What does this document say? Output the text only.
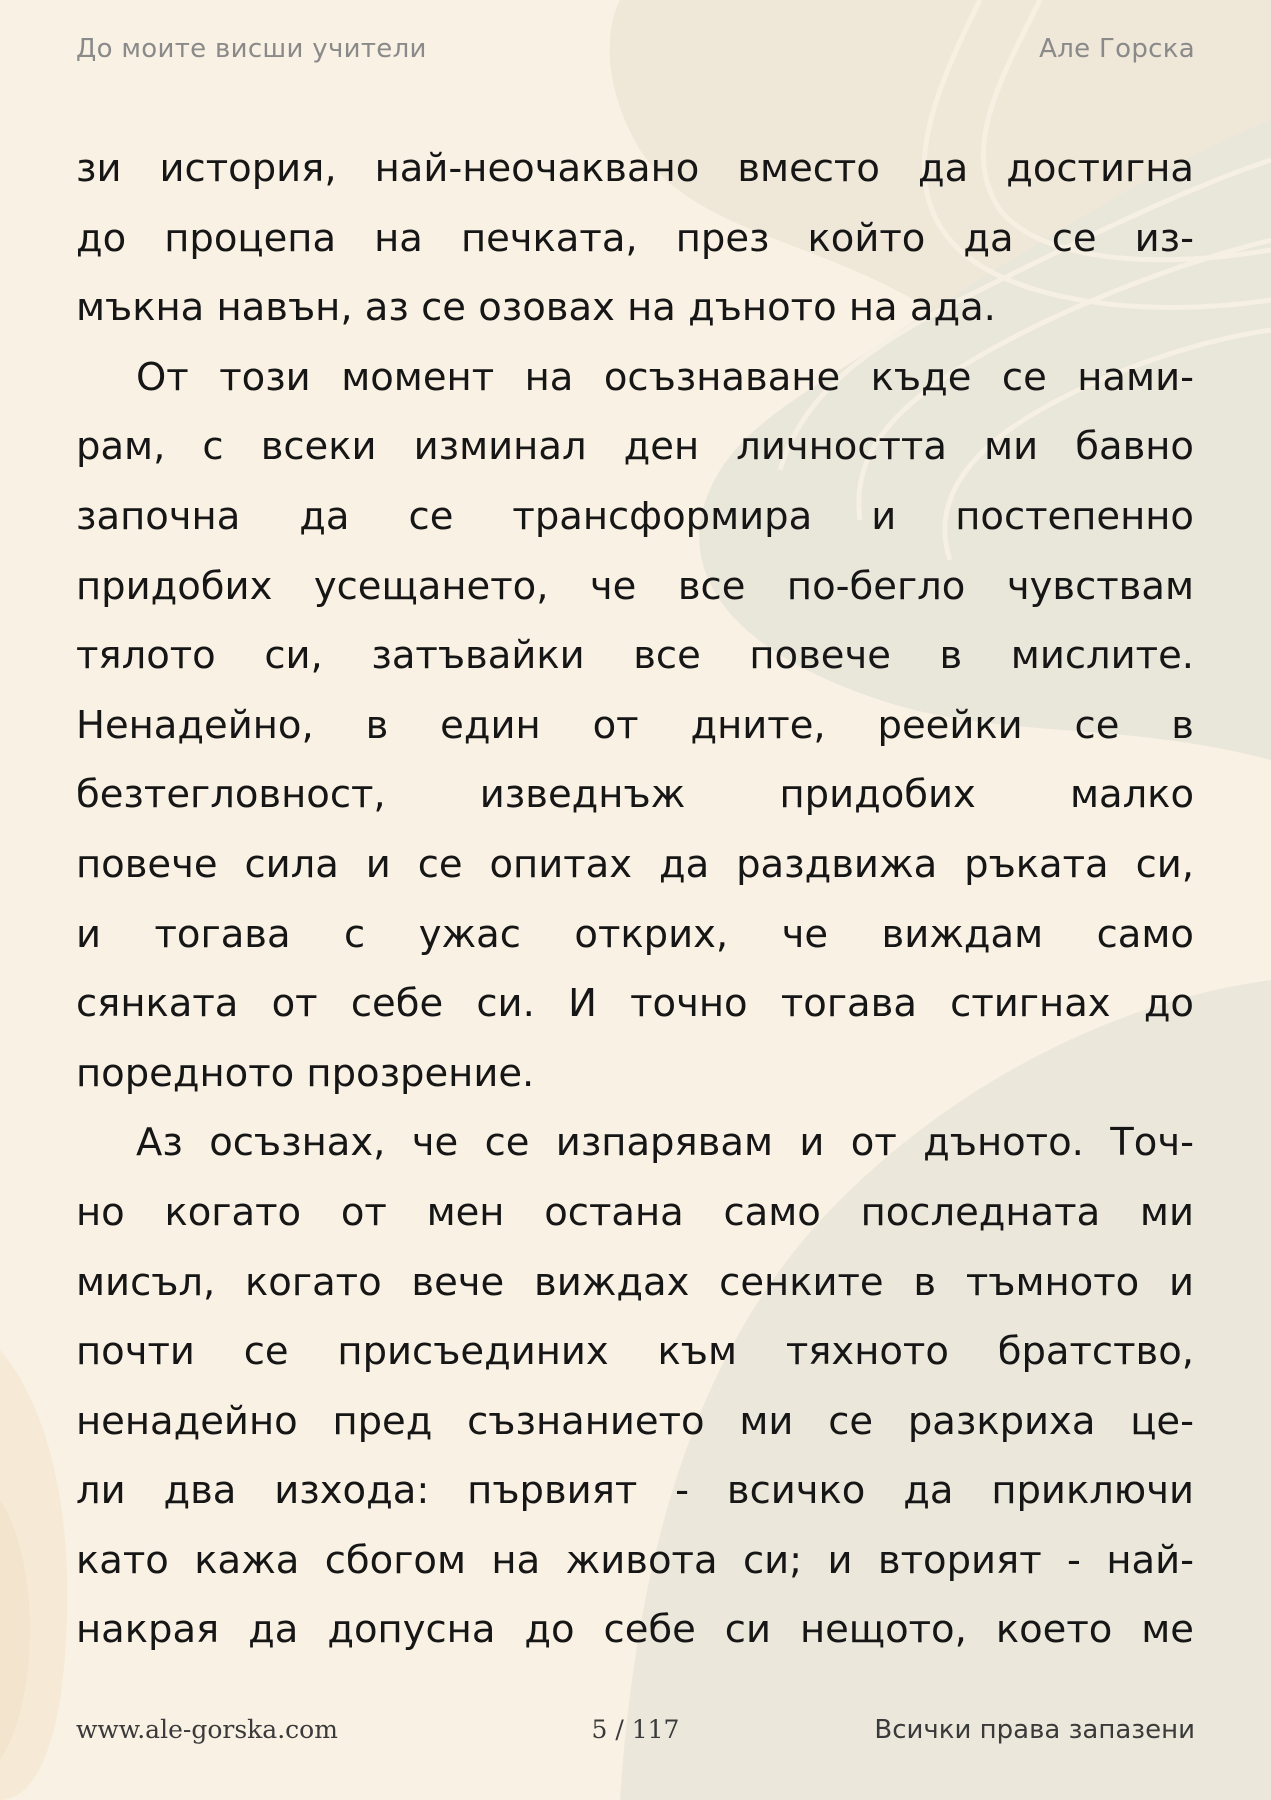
До моите висши учители	Але Горска
зи история, най-неочаквано вместо да достигна
до процепа на печката, през който да се из-
мъкна навън, аз се озовах на дъното на ада.
От този момент на осъзнаване къде се нами-
рам, с всеки изминал ден личността ми бавно
започна да се трансформира и постепенно
придобих усещането, че все по-бегло чувствам
тялото си, затъвайки все повече в мислите.
Ненадейно, в един от дните, реейки се в
безтегловност, изведнъж придобих малко
повече сила и се опитах да раздвижа ръката си,
и тогава с ужас открих, че виждам само
сянката от себе си. И точно тогава стигнах до
поредното прозрение.
Аз осъзнах, че се изпарявам и от дъното. Точ-
но когато от мен остана само последната ми
мисъл, когато вече виждах сенките в тъмното и
почти се присъединих към тяхното братство,
ненадейно пред съзнанието ми се разкриха це-
ли два изхода: първият - всичко да приключи
като кажа сбогом на живота си; и вторият - най-
накрая да допусна до себе си нещото, което ме
www.ale-gorska.com	5 / 117	Всички права запазени
